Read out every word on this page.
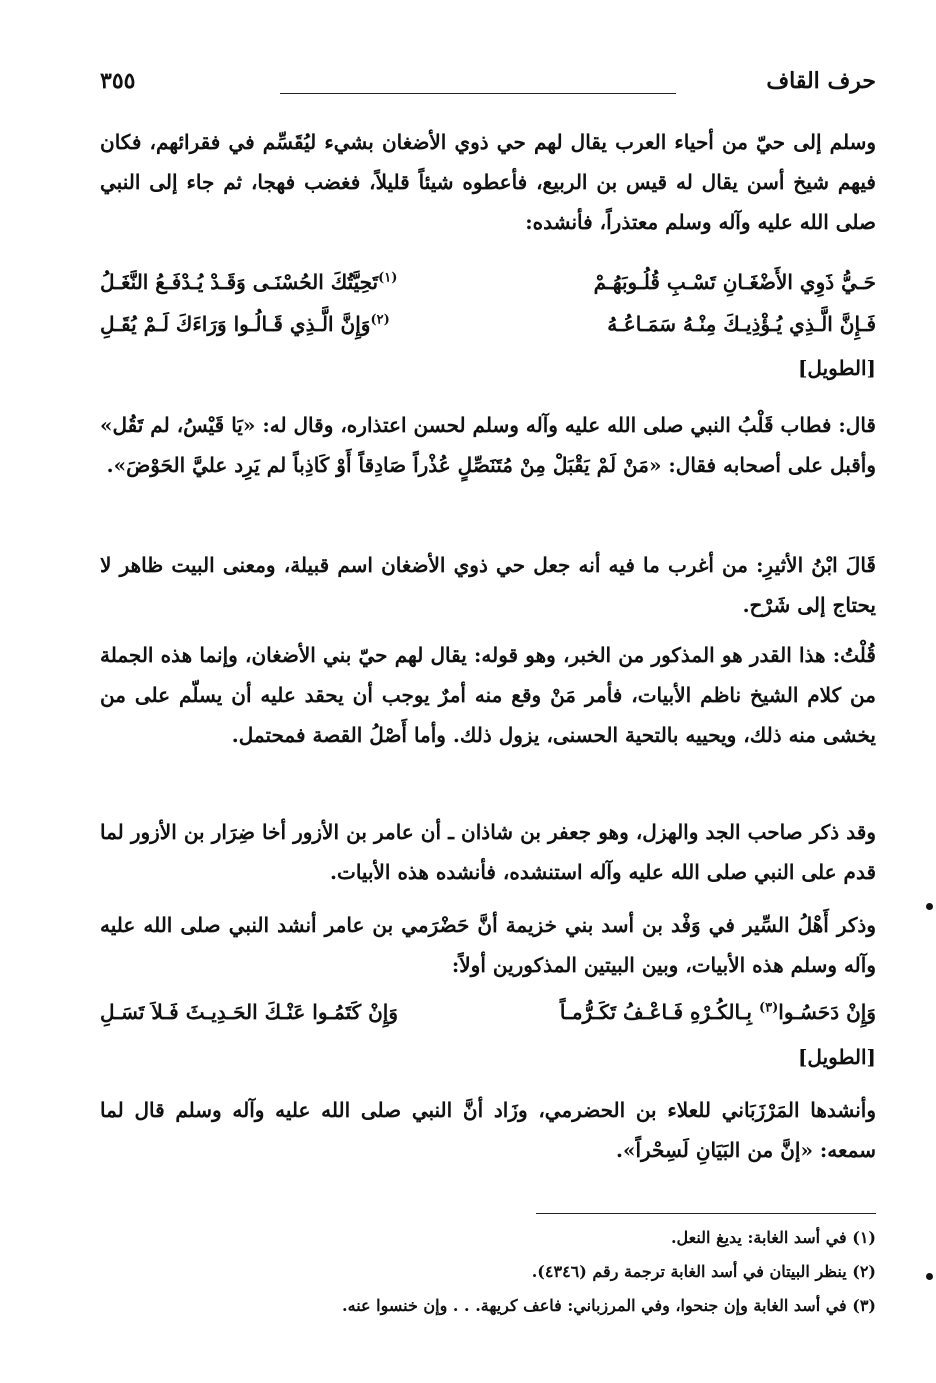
حرف القاف
٣٥٥

وسلم إلى حيّ من أحياء العرب يقال لهم حي ذوي الأضغان بشيء ليُقَسِّم في فقرائهم، فكان فيهم شيخ أسن يقال له قيس بن الربيع، فأعطوه شيئاً قليلاً، فغضب فهجا، ثم جاء إلى النبي صلى الله عليه وآله وسلم معتذراً، فأنشده:

حَـيُّ ذَوِي الأَضْغَـانِ تَسْـبِ قُلُـوبَهُـمْ
$^{(١)}$تَحِيَّتُكَ الحُسْنَـى وَقَـدْ يُـدْفَـعُ النَّغَـلُ
فَـإِنَّ الَّـذِي يُـؤْذِيـكَ مِنْـهُ سَمَـاعُـهُ
$^{(٢)}$وَإِنَّ الَّـذِي قَـالُـوا وَرَاءَكَ لَـمْ يُقَـلِ
[الطويل]

قال: فطاب قَلْبُ النبي صلى الله عليه وآله وسلم لحسن اعتذاره، وقال له: «يَا قَيْسُ، لم تَقُل» وأقبل على أصحابه فقال: «مَنْ لَمْ يَقْبَلْ مِنْ مُتَنَصِّلٍ عُذْراً صَادِقاً أَوْ كَاذِباً لم يَرِد عليَّ الحَوْضَ».

قَالَ ابْنُ الأثيرِ: من أغرب ما فيه أنه جعل حي ذوي الأضغان اسم قبيلة، ومعنى البيت ظاهر لا يحتاج إلى شَرْح.

قُلْتُ: هذا القدر هو المذكور من الخبر، وهو قوله: يقال لهم حيّ بني الأضغان، وإنما هذه الجملة من كلام الشيخ ناظم الأبيات، فأمر مَنْ وقع منه أمرٌ يوجب أن يحقد عليه أن يسلّم على من يخشى منه ذلك، ويحييه بالتحية الحسنى، يزول ذلك. وأما أَصْلُ القصة فمحتمل.

وقد ذكر صاحب الجد والهزل، وهو جعفر بن شاذان ـ أن عامر بن الأزور أخا ضِرَار بن الأزور لما قدم على النبي صلى الله عليه وآله استنشده، فأنشده هذه الأبيات.

وذكر أَهْلُ السِّير في وَفْد بن أسد بني خزيمة أنَّ حَضْرَمي بن عامر أنشد النبي صلى الله عليه وآله وسلم هذه الأبيات، وبين البيتين المذكورين أولاً:

وَإِنْ دَحَسُـوا$^{(٣)}$ بِـالكُـرْهِ فَـاعْـفُ تَكَـرُّمـاً
وَإِنْ كَتَمُـوا عَنْـكَ الحَـدِيـثَ فَـلاَ تَسَـلِ
[الطويل]

وأنشدها المَرْزَبَاني للعلاء بن الحضرمي، وزَاد أنَّ النبي صلى الله عليه وآله وسلم قال لما سمعه: «إنَّ من البَيَانِ لَسِحْراً».

(١) في أسد الغابة: يديغ النعل.
(٢) ينظر البيتان في أسد الغابة ترجمة رقم (٤٣٤٦).
(٣) في أسد الغابة وإن جنحوا، وفي المرزباني: فاعف كريهة. . . وإن خنسوا عنه.
